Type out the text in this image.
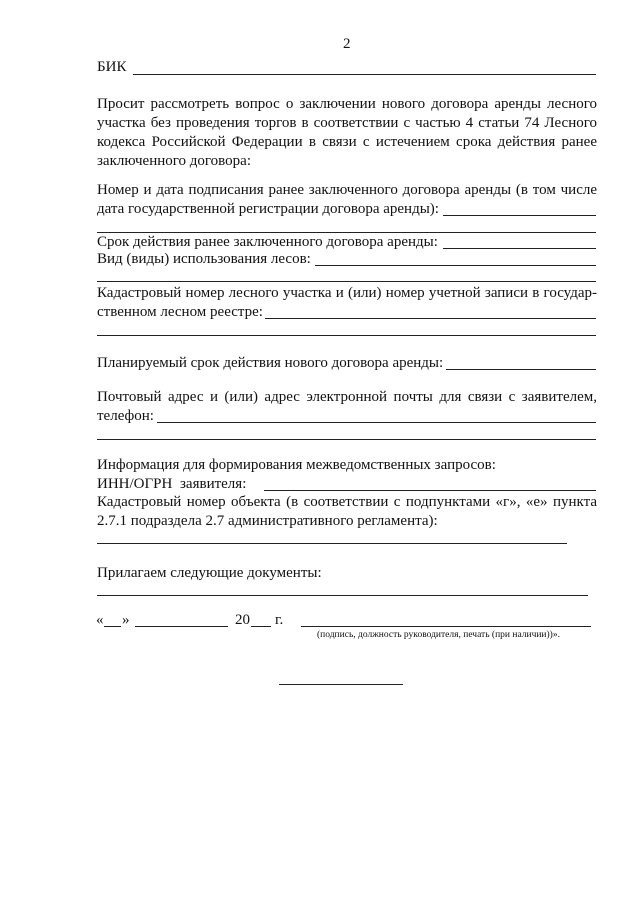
2
БИК
Просит рассмотреть вопрос о заключении нового договора аренды лесного
участка без проведения торгов в соответствии с частью 4 статьи 74 Лесного
кодекса Российской Федерации в связи с истечением срока действия ранее
заключенного договора:
Номер и дата подписания ранее заключенного договора аренды (в том числе
дата государственной регистрации договора аренды):
Срок действия ранее заключенного договора аренды:
Вид (виды) использования лесов:
Кадастровый номер лесного участка и (или) номер учетной записи в государ-
ственном лесном реестре:
Планируемый срок действия нового договора аренды:
Почтовый адрес и (или) адрес электронной почты для связи с заявителем,
телефон:
Информация для формирования межведомственных запросов:
ИНН/ОГРН заявителя:
Кадастровый номер объекта (в соответствии с подпунктами «г», «е» пункта
2.7.1 подраздела 2.7 административного регламента):
Прилагаем следующие документы:
« »	20 г.
(подпись, должность руководителя, печать (при наличии))».
